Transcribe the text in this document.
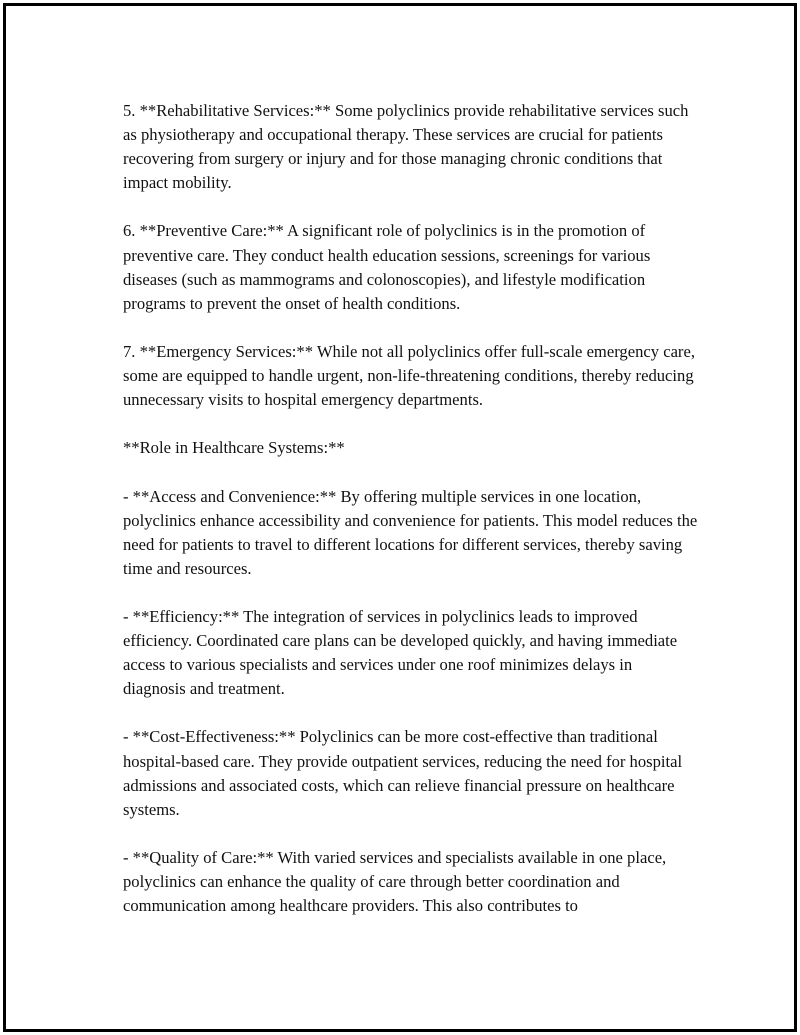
5. **Rehabilitative Services:** Some polyclinics provide rehabilitative services such as physiotherapy and occupational therapy. These services are crucial for patients recovering from surgery or injury and for those managing chronic conditions that impact mobility.

6. **Preventive Care:** A significant role of polyclinics is in the promotion of preventive care. They conduct health education sessions, screenings for various diseases (such as mammograms and colonoscopies), and lifestyle modification programs to prevent the onset of health conditions.

7. **Emergency Services:** While not all polyclinics offer full-scale emergency care, some are equipped to handle urgent, non-life-threatening conditions, thereby reducing unnecessary visits to hospital emergency departments.

**Role in Healthcare Systems:**

- **Access and Convenience:** By offering multiple services in one location, polyclinics enhance accessibility and convenience for patients. This model reduces the need for patients to travel to different locations for different services, thereby saving time and resources.

- **Efficiency:** The integration of services in polyclinics leads to improved efficiency. Coordinated care plans can be developed quickly, and having immediate access to various specialists and services under one roof minimizes delays in diagnosis and treatment.

- **Cost-Effectiveness:** Polyclinics can be more cost-effective than traditional hospital-based care. They provide outpatient services, reducing the need for hospital admissions and associated costs, which can relieve financial pressure on healthcare systems.

- **Quality of Care:** With varied services and specialists available in one place, polyclinics can enhance the quality of care through better coordination and communication among healthcare providers. This also contributes to
